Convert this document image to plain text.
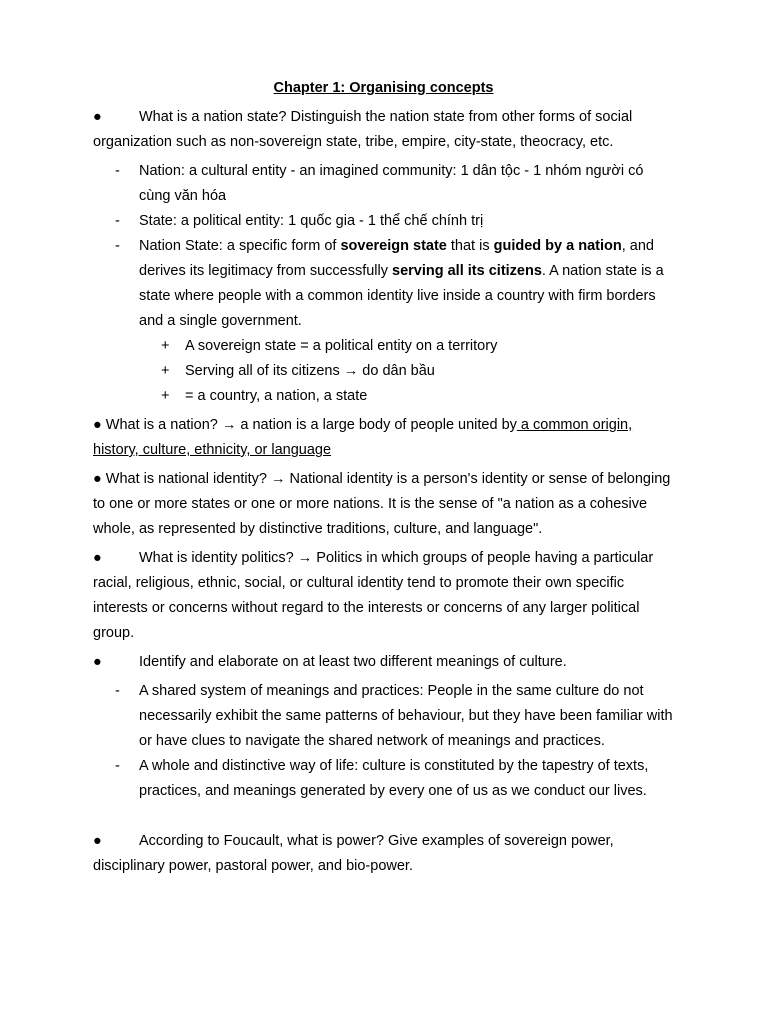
Chapter 1: Organising concepts
●	What is a nation state? Distinguish the nation state from other forms of social organization such as non-sovereign state, tribe, empire, city-state, theocracy, etc.
- Nation: a cultural entity - an imagined community: 1 dân tộc - 1 nhóm người có cùng văn hóa
- State: a political entity: 1 quốc gia - 1 thể chế chính trị
- Nation State: a specific form of sovereign state that is guided by a nation, and derives its legitimacy from successfully serving all its citizens. A nation state is a state where people with a common identity live inside a country with firm borders and a single government.
+ A sovereign state = a political entity on a territory
+ Serving all of its citizens → do dân bầu
+ = a country, a nation, a state
● What is a nation? → a nation is a large body of people united by a common origin, history, culture, ethnicity, or language
● What is national identity? → National identity is a person's identity or sense of belonging to one or more states or one or more nations. It is the sense of "a nation as a cohesive whole, as represented by distinctive traditions, culture, and language".
●	What is identity politics? → Politics in which groups of people having a particular racial, religious, ethnic, social, or cultural identity tend to promote their own specific interests or concerns without regard to the interests or concerns of any larger political group.
●	Identify and elaborate on at least two different meanings of culture.
- A shared system of meanings and practices: People in the same culture do not necessarily exhibit the same patterns of behaviour, but they have been familiar with or have clues to navigate the shared network of meanings and practices.
- A whole and distinctive way of life: culture is constituted by the tapestry of texts, practices, and meanings generated by every one of us as we conduct our lives.
●	According to Foucault, what is power? Give examples of sovereign power, disciplinary power, pastoral power, and bio-power.
